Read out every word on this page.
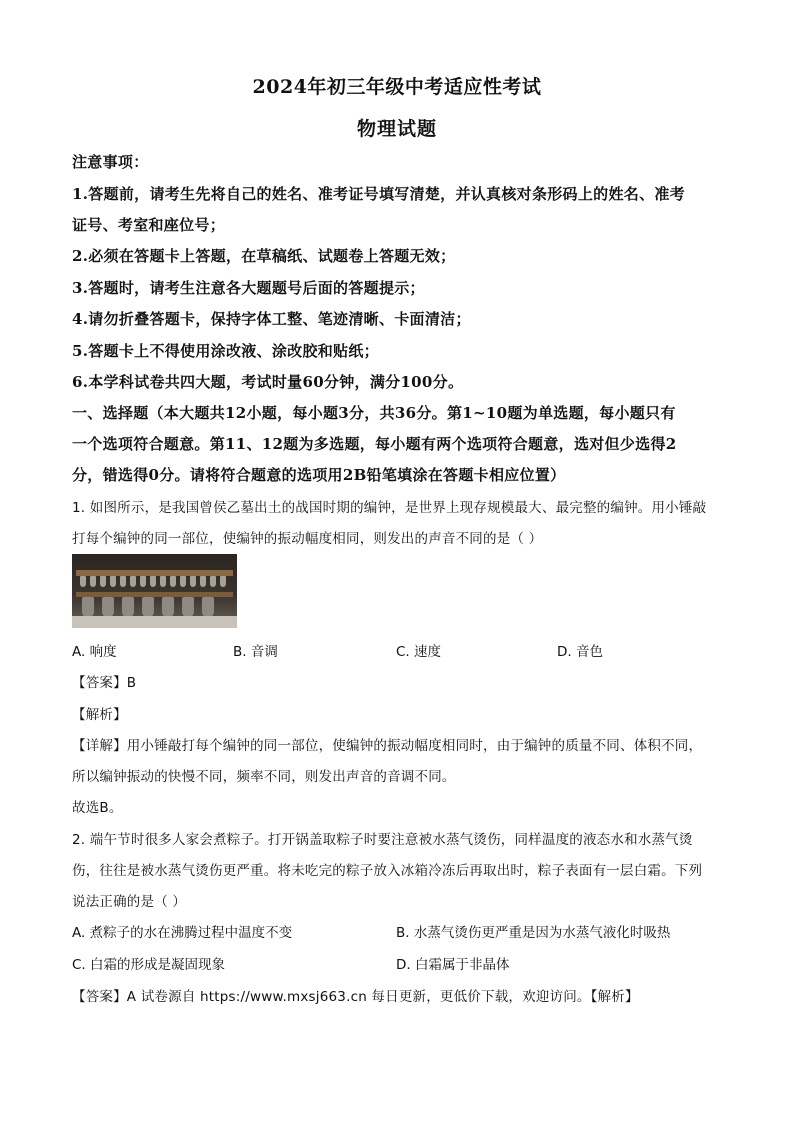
2024年初三年级中考适应性考试
物理试题
注意事项：
1.答题前，请考生先将自己的姓名、准考证号填写清楚，并认真核对条形码上的姓名、准考
证号、考室和座位号；
2.必须在答题卡上答题，在草稿纸、试题卷上答题无效；
3.答题时，请考生注意各大题题号后面的答题提示；
4.请勿折叠答题卡，保持字体工整、笔迹清晰、卡面清洁；
5.答题卡上不得使用涂改液、涂改胶和贴纸；
6.本学科试卷共四大题，考试时量60分钟，满分100分。
一、选择题（本大题共12小题，每小题3分，共36分。第1~10题为单选题，每小题只有
一个选项符合题意。第11、12题为多选题，每小题有两个选项符合题意，选对但少选得2
分，错选得0分。请将符合题意的选项用2B铅笔填涂在答题卡相应位置）
1. 如图所示，是我国曾侯乙墓出土的战国时期的编钟，是世界上现存规模最大、最完整的编钟。用小锤敲
打每个编钟的同一部位，使编钟的振动幅度相同，则发出的声音不同的是（ ）
A. 响度	B. 音调	C. 速度	D. 音色
【答案】B
【解析】
【详解】用小锤敲打每个编钟的同一部位，使编钟的振动幅度相同时，由于编钟的质量不同、体积不同，
所以编钟振动的快慢不同，频率不同，则发出声音的音调不同。
故选B。
2. 端午节时很多人家会煮粽子。打开锅盖取粽子时要注意被水蒸气烫伤，同样温度的液态水和水蒸气烫
伤，往往是被水蒸气烫伤更严重。将未吃完的粽子放入冰箱冷冻后再取出时，粽子表面有一层白霜。下列
说法正确的是（ ）
A. 煮粽子的水在沸腾过程中温度不变	B. 水蒸气烫伤更严重是因为水蒸气液化时吸热
C. 白霜的形成是凝固现象	D. 白霜属于非晶体
【答案】A 试卷源自 https://www.mxsj663.cn 每日更新，更低价下载，欢迎访问。【解析】
